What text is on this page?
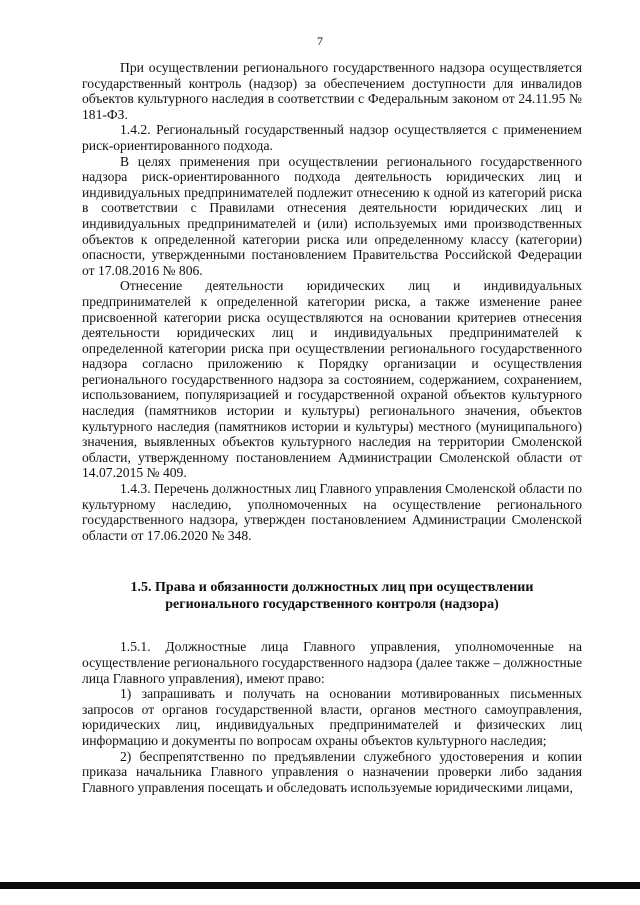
7

При осуществлении регионального государственного надзора осуществляется государственный контроль (надзор) за обеспечением доступности для инвалидов объектов культурного наследия в соответствии с Федеральным законом от 24.11.95 № 181-ФЗ.

1.4.2. Региональный государственный надзор осуществляется с применением риск-ориентированного подхода.

В целях применения при осуществлении регионального государственного надзора риск-ориентированного подхода деятельность юридических лиц и индивидуальных предпринимателей подлежит отнесению к одной из категорий риска в соответствии с Правилами отнесения деятельности юридических лиц и индивидуальных предпринимателей и (или) используемых ими производственных объектов к определенной категории риска или определенному классу (категории) опасности, утвержденными постановлением Правительства Российской Федерации от 17.08.2016 № 806.

Отнесение деятельности юридических лиц и индивидуальных предпринимателей к определенной категории риска, а также изменение ранее присвоенной категории риска осуществляются на основании критериев отнесения деятельности юридических лиц и индивидуальных предпринимателей к определенной категории риска при осуществлении регионального государственного надзора согласно приложению к Порядку организации и осуществления регионального государственного надзора за состоянием, содержанием, сохранением, использованием, популяризацией и государственной охраной объектов культурного наследия (памятников истории и культуры) регионального значения, объектов культурного наследия (памятников истории и культуры) местного (муниципального) значения, выявленных объектов культурного наследия на территории Смоленской области, утвержденному постановлением Администрации Смоленской области от 14.07.2015 № 409.

1.4.3. Перечень должностных лиц Главного управления Смоленской области по культурному наследию, уполномоченных на осуществление регионального государственного надзора, утвержден постановлением Администрации Смоленской области от 17.06.2020 № 348.

1.5. Права и обязанности должностных лиц при осуществлении регионального государственного контроля (надзора)

1.5.1. Должностные лица Главного управления, уполномоченные на осуществление регионального государственного надзора (далее также – должностные лица Главного управления), имеют право:

1) запрашивать и получать на основании мотивированных письменных запросов от органов государственной власти, органов местного самоуправления, юридических лиц, индивидуальных предпринимателей и физических лиц информацию и документы по вопросам охраны объектов культурного наследия;

2) беспрепятственно по предъявлении служебного удостоверения и копии приказа начальника Главного управления о назначении проверки либо задания Главного управления посещать и обследовать используемые юридическими лицами,
